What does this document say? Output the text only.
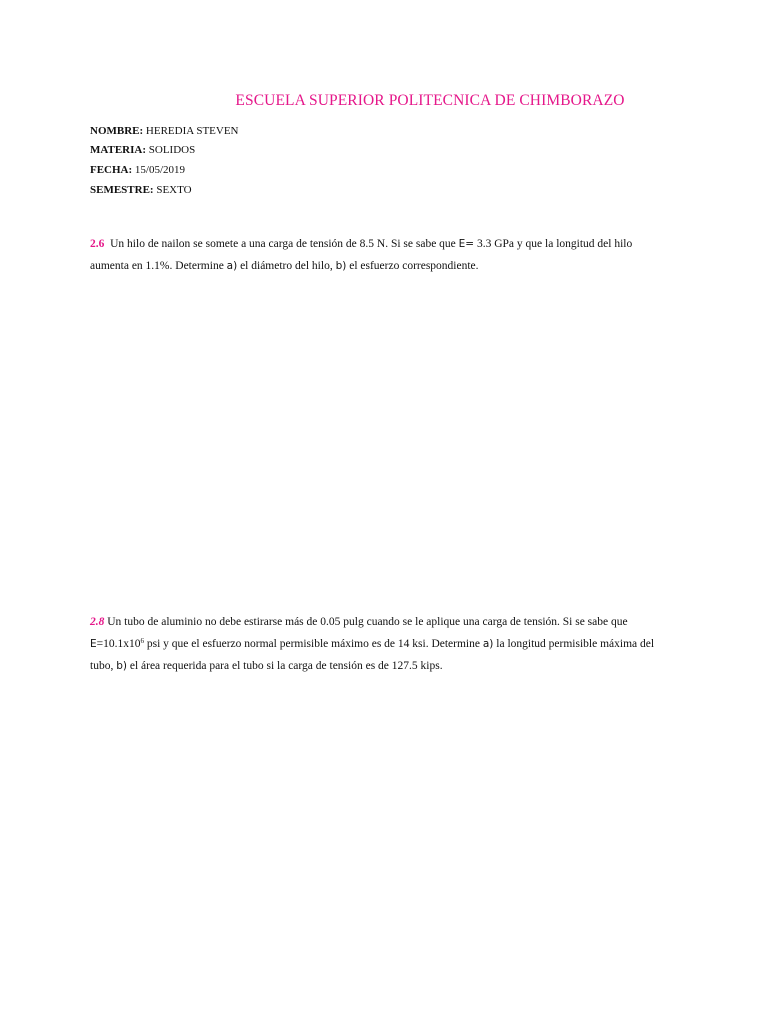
ESCUELA SUPERIOR POLITECNICA DE CHIMBORAZO
NOMBRE: HEREDIA STEVEN
MATERIA: SOLIDOS
FECHA: 15/05/2019
SEMESTRE: SEXTO
2.6 Un hilo de nailon se somete a una carga de tensión de 8.5 N. Si se sabe que E= 3.3 GPa y que la longitud del hilo
aumenta en 1.1%. Determine a) el diámetro del hilo, b) el esfuerzo correspondiente.
2.8 Un tubo de aluminio no debe estirarse más de 0.05 pulg cuando se le aplique una carga de tensión. Si se sabe que
$E=10.1x10^6$ psi y que el esfuerzo normal permisible máximo es de 14 ksi. Determine a) la longitud permisible máxima del
tubo, b) el área requerida para el tubo si la carga de tensión es de 127.5 kips.
